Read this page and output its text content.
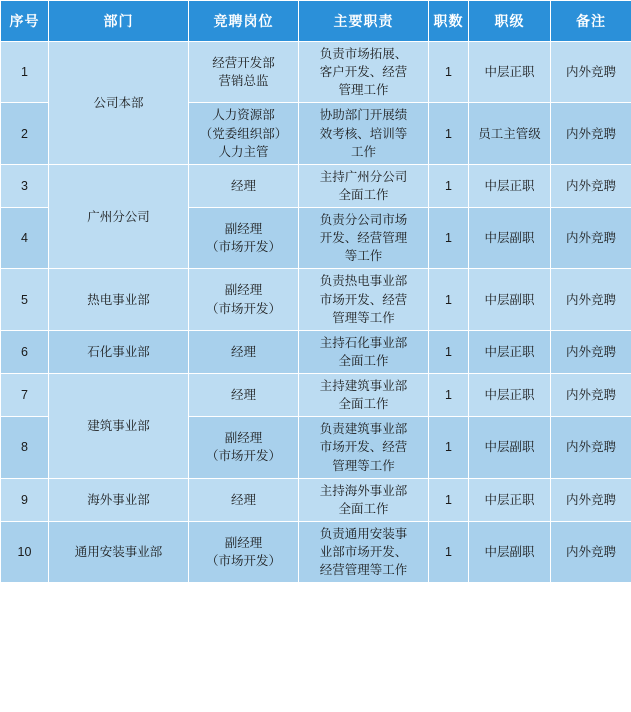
序号	部门	竞聘岗位	主要职责	职数	职级	备注
1	公司本部	经营开发部
营销总监	负责市场拓展、
客户开发、经营
管理工作	1	中层正职	内外竞聘
2		人力资源部
（党委组织部）
人力主管	协助部门开展绩
效考核、培训等
工作	1	员工主管级	内外竞聘
3	广州分公司	经理	主持广州分公司
全面工作	1	中层正职	内外竞聘
4		副经理
（市场开发）	负责分公司市场
开发、经营管理
等工作	1	中层副职	内外竞聘
5	热电事业部	副经理
（市场开发）	负责热电事业部
市场开发、经营
管理等工作	1	中层副职	内外竞聘
6	石化事业部	经理	主持石化事业部
全面工作	1	中层正职	内外竞聘
7	建筑事业部	经理	主持建筑事业部
全面工作	1	中层正职	内外竞聘
8		副经理
（市场开发）	负责建筑事业部
市场开发、经营
管理等工作	1	中层副职	内外竞聘
9	海外事业部	经理	主持海外事业部
全面工作	1	中层正职	内外竞聘
10	通用安装事业部	副经理
（市场开发）	负责通用安装事
业部市场开发、
经营管理等工作	1	中层副职	内外竞聘
